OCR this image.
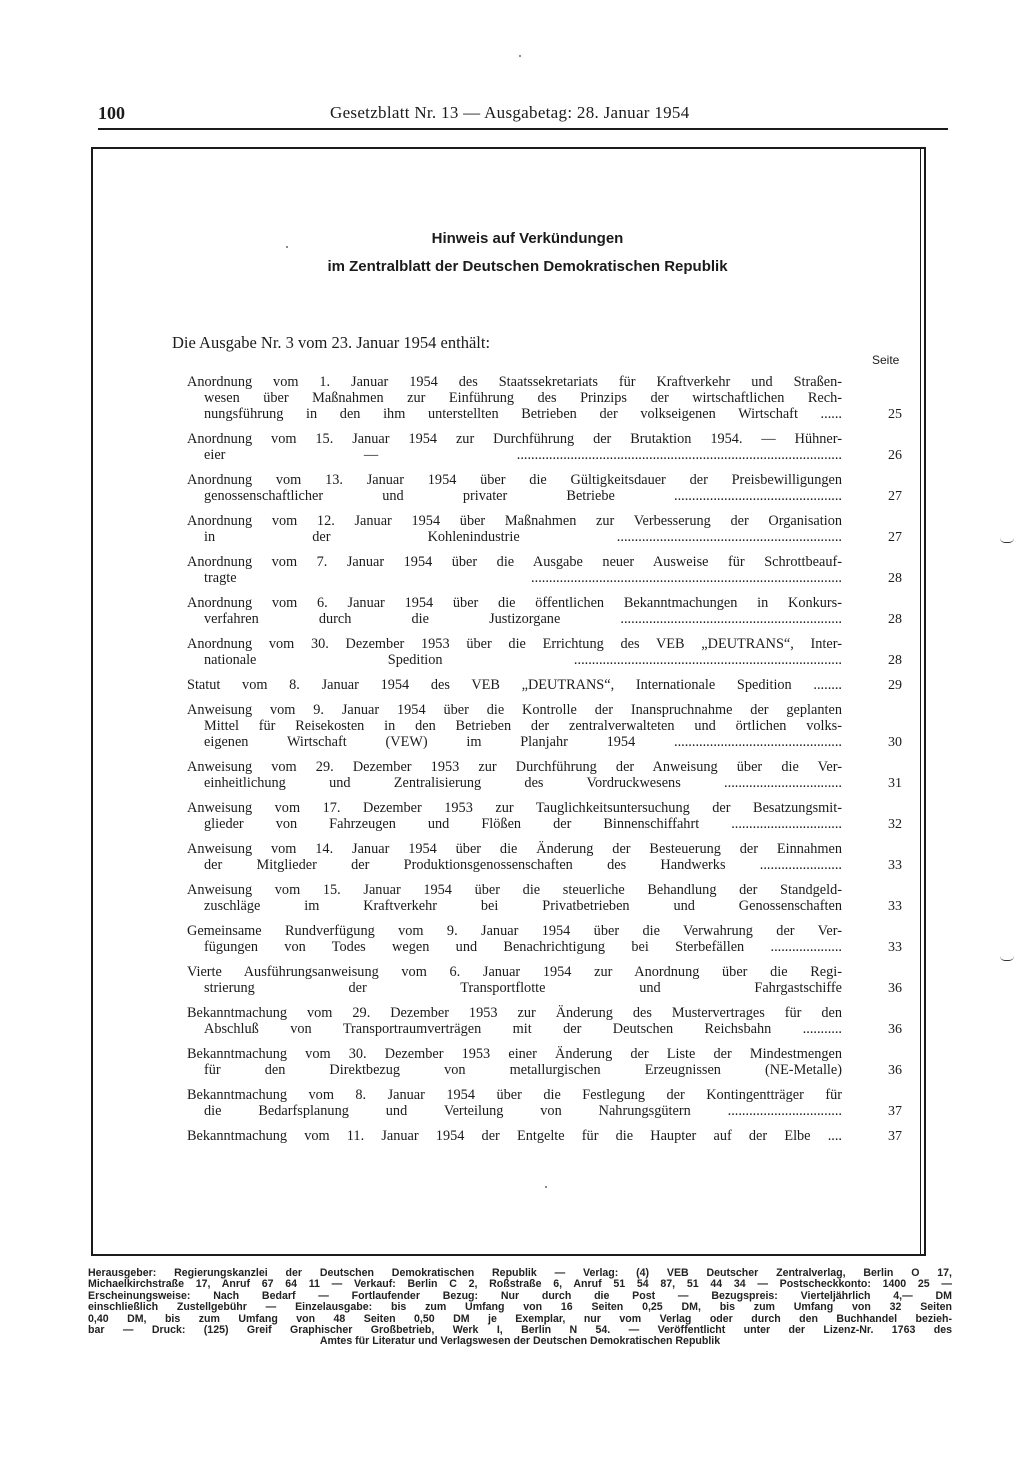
100	Gesetzblatt Nr. 13 — Ausgabetag: 28. Januar 1954
Hinweis auf Verkündungen
im Zentralblatt der Deutschen Demokratischen Republik
Die Ausgabe Nr. 3 vom 23. Januar 1954 enthält:
Seite
Anordnung vom 1. Januar 1954 des Staatssekretariats für Kraftverkehr und Straßen-
wesen über Maßnahmen zur Einführung des Prinzips der wirtschaftlichen Rech-
nungsführung in den ihm unterstellten Betrieben der volkseigenen Wirtschaft ......	25
Anordnung vom 15. Januar 1954 zur Durchführung der Brutaktion 1954. — Hühner-
eier — ...........................................................................................	26
Anordnung vom 13. Januar 1954 über die Gültigkeitsdauer der Preisbewilligungen
genossenschaftlicher und privater Betriebe ...............................................	27
Anordnung vom 12. Januar 1954 über Maßnahmen zur Verbesserung der Organisation
in der Kohlenindustrie ...............................................................	27
Anordnung vom 7. Januar 1954 über die Ausgabe neuer Ausweise für Schrottbeauf-
tragte .......................................................................................	28
Anordnung vom 6. Januar 1954 über die öffentlichen Bekanntmachungen in Konkurs-
verfahren durch die Justizorgane ..............................................................	28
Anordnung vom 30. Dezember 1953 über die Errichtung des VEB „DEUTRANS“, Inter-
nationale Spedition ...........................................................................	28
Statut vom 8. Januar 1954 des VEB „DEUTRANS“, Internationale Spedition ........	29
Anweisung vom 9. Januar 1954 über die Kontrolle der Inanspruchnahme der geplanten
Mittel für Reisekosten in den Betrieben der zentralverwalteten und örtlichen volks-
eigenen Wirtschaft (VEW) im Planjahr 1954 ...............................................	30
Anweisung vom 29. Dezember 1953 zur Durchführung der Anweisung über die Ver-
einheitlichung und Zentralisierung des Vordruckwesens .................................	31
Anweisung vom 17. Dezember 1953 zur Tauglichkeitsuntersuchung der Besatzungsmit-
glieder von Fahrzeugen und Flößen der Binnenschiffahrt ...............................	32
Anweisung vom 14. Januar 1954 über die Änderung der Besteuerung der Einnahmen
der Mitglieder der Produktionsgenossenschaften des Handwerks .......................	33
Anweisung vom 15. Januar 1954 über die steuerliche Behandlung der Standgeld-
zuschläge im Kraftverkehr bei Privatbetrieben und Genossenschaften	33
Gemeinsame Rundverfügung vom 9. Januar 1954 über die Verwahrung der Ver-
fügungen von Todes wegen und Benachrichtigung bei Sterbefällen ....................	33
Vierte Ausführungsanweisung vom 6. Januar 1954 zur Anordnung über die Regi-
strierung der Transportflotte und Fahrgastschiffe	36
Bekanntmachung vom 29. Dezember 1953 zur Änderung des Mustervertrages für den
Abschluß von Transportraumverträgen mit der Deutschen Reichsbahn ...........	36
Bekanntmachung vom 30. Dezember 1953 einer Änderung der Liste der Mindestmengen
für den Direktbezug von metallurgischen Erzeugnissen (NE-Metalle)	36
Bekanntmachung vom 8. Januar 1954 über die Festlegung der Kontingentträger für
die Bedarfsplanung und Verteilung von Nahrungsgütern ................................	37
Bekanntmachung vom 11. Januar 1954 der Entgelte für die Haupter auf der Elbe ....	37
Herausgeber: Regierungskanzlei der Deutschen Demokratischen Republik — Verlag: (4) VEB Deutscher Zentralverlag, Berlin O 17,
Michaelkirchstraße 17, Anruf 67 64 11 — Verkauf: Berlin C 2, Roßstraße 6, Anruf 51 54 87, 51 44 34 — Postscheckkonto: 1400 25 —
Erscheinungsweise: Nach Bedarf — Fortlaufender Bezug: Nur durch die Post — Bezugspreis: Vierteljährlich 4,— DM
einschließlich Zustellgebühr — Einzelausgabe: bis zum Umfang von 16 Seiten 0,25 DM, bis zum Umfang von 32 Seiten
0,40 DM, bis zum Umfang von 48 Seiten 0,50 DM je Exemplar, nur vom Verlag oder durch den Buchhandel bezieh-
bar — Druck: (125) Greif Graphischer Großbetrieb, Werk I, Berlin N 54. — Veröffentlicht unter der Lizenz-Nr. 1763 des
Amtes für Literatur und Verlagswesen der Deutschen Demokratischen Republik
